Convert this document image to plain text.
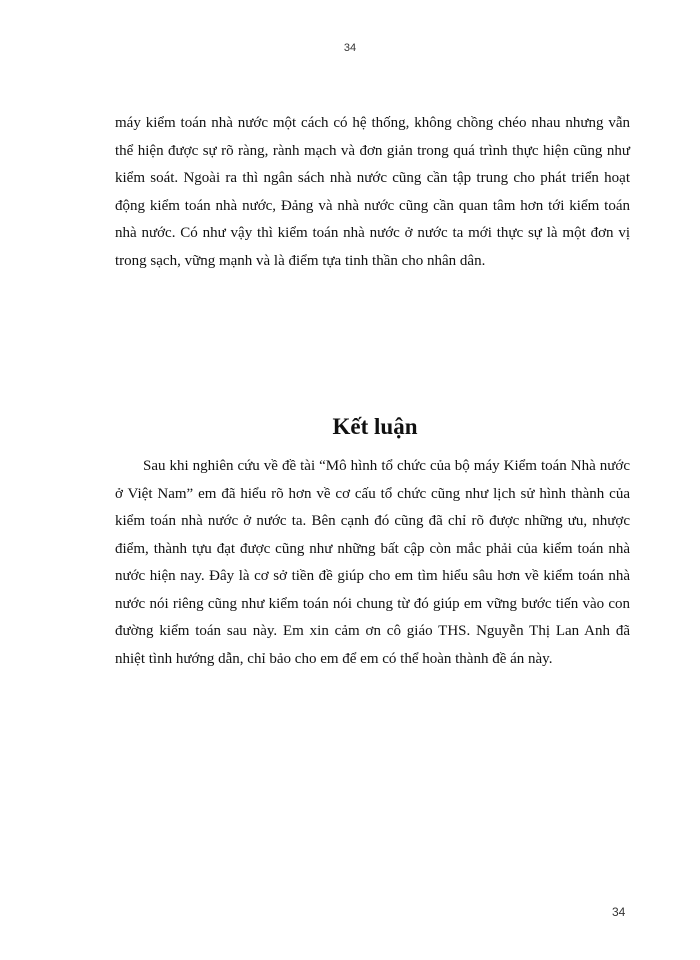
34

máy kiểm toán nhà nước một cách có hệ thống, không chồng chéo nhau nhưng vẫn thể hiện được sự rõ ràng, rành mạch và đơn giản trong quá trình thực hiện cũng như kiểm soát. Ngoài ra thì ngân sách nhà nước cũng cần tập trung cho phát triển hoạt động kiểm toán nhà nước, Đảng và nhà nước cũng cần quan tâm hơn tới kiểm toán nhà nước. Có như vậy thì kiểm toán nhà nước ở nước ta mới thực sự là một đơn vị trong sạch, vững mạnh và là điểm tựa tinh thần cho nhân dân.

Kết luận

Sau khi nghiên cứu về đề tài “Mô hình tổ chức của bộ máy Kiểm toán Nhà nước ở Việt Nam” em đã hiểu rõ hơn về cơ cấu tổ chức cũng như lịch sử hình thành của kiểm toán nhà nước ở nước ta. Bên cạnh đó cũng đã chỉ rõ được những ưu, nhược điểm, thành tựu đạt được cũng như những bất cập còn mắc phải của kiểm toán nhà nước hiện nay. Đây là cơ sở tiền đề giúp cho em tìm hiểu sâu hơn về kiểm toán nhà nước nói riêng cũng như kiểm toán nói chung từ đó giúp em vững bước tiến vào con đường kiểm toán sau này. Em xin cảm ơn cô giáo THS. Nguyễn Thị Lan Anh đã nhiệt tình hướng dẫn, chỉ bảo cho em để em có thể hoàn thành đề án này.

34
